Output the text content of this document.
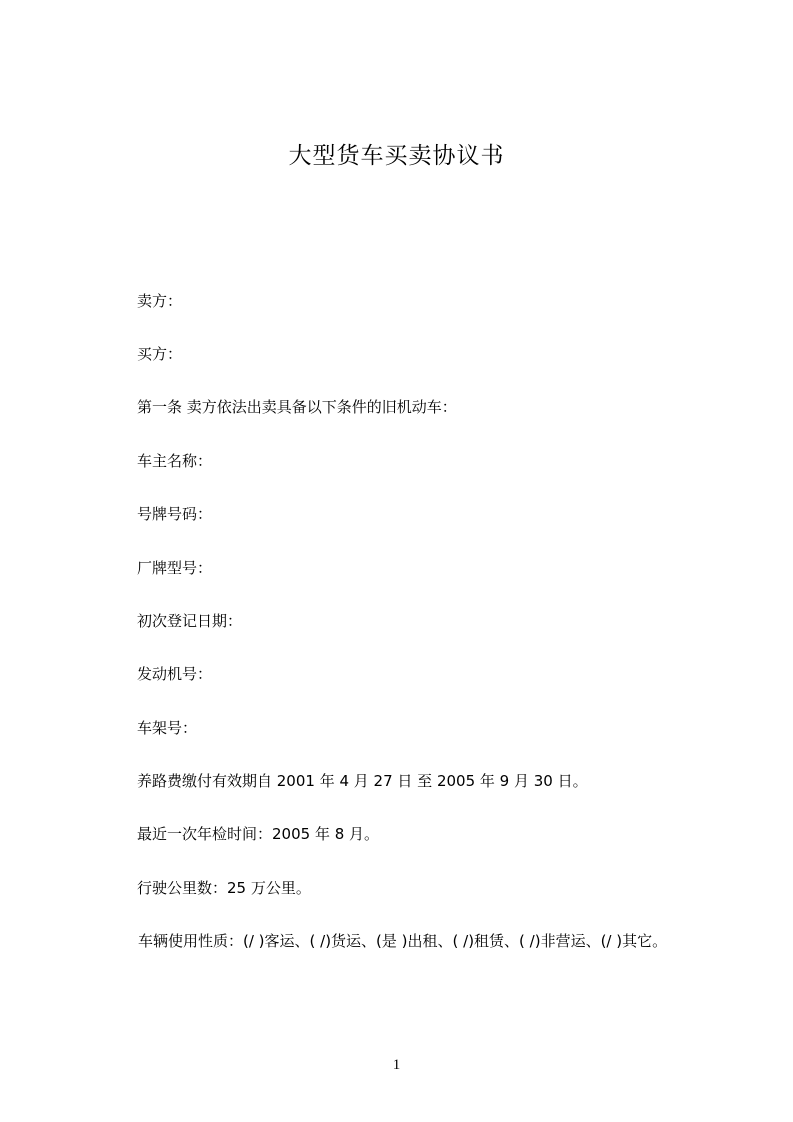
大型货车买卖协议书
卖方：
买方：
第一条 卖方依法出卖具备以下条件的旧机动车：
车主名称：
号牌号码：
厂牌型号：
初次登记日期：
发动机号：
车架号：
养路费缴付有效期自 2001 年 4 月 27 日 至 2005 年 9 月 30 日。
最近一次年检时间：2005 年 8 月。
行驶公里数：25 万公里。
车辆使用性质：(/ )客运、( /)货运、(是 )出租、( /)租赁、( /)非营运、(/ )其它。
1
